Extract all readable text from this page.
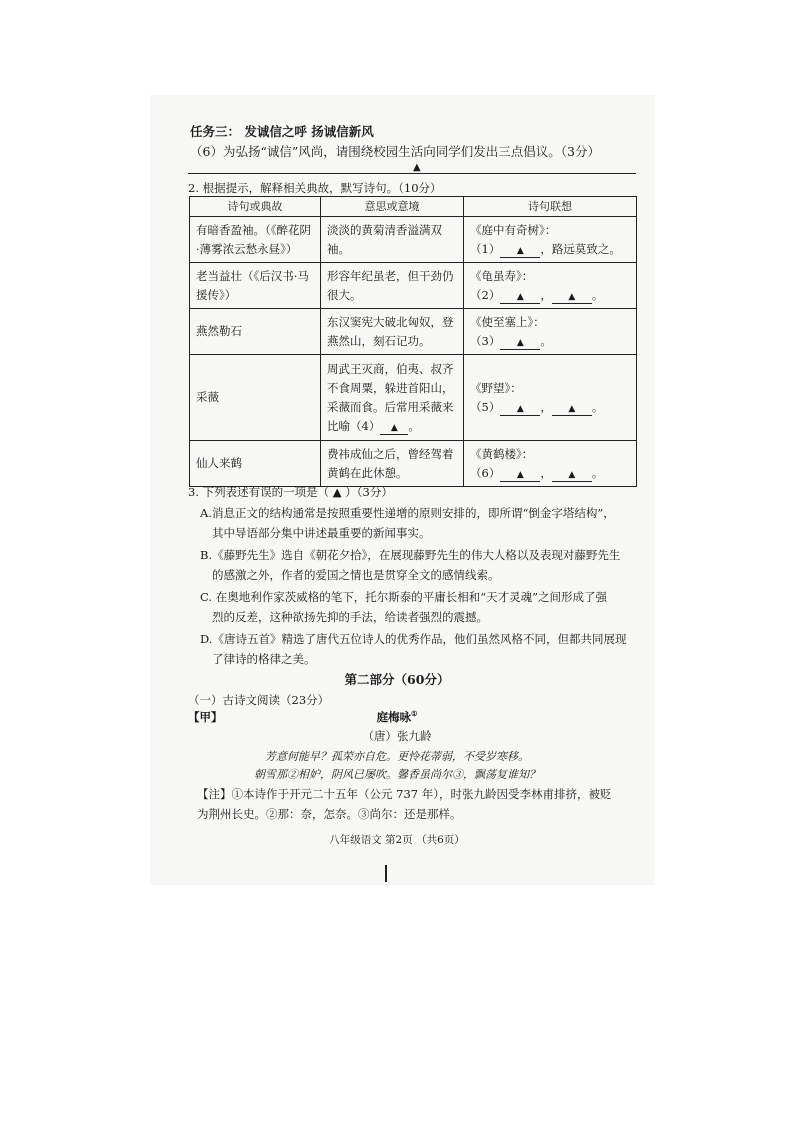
任务三： 发诚信之呼 扬诚信新风
（6）为弘扬“诚信”风尚，请围绕校园生活向同学们发出三点倡议。（3分）
▲
2. 根据提示，解释相关典故，默写诗句。（10分）
诗句或典故	意思或意境	诗句联想
有暗香盈袖。（《醉花阴·薄雾浓云愁永昼》）	淡淡的黄菊清香溢满双袖。	《庭中有奇树》：
（1） ▲ ，路远莫致之。

老当益壮（《后汉书·马援传》）	形容年纪虽老，但干劲仍很大。	《龟虽寿》：
（2） ▲ ， ▲ 。

燕然勒石	东汉窦宪大破北匈奴，登燕然山，刻石记功。	《使至塞上》：
（3） ▲ 。

采薇	周武王灭商，伯夷、叔齐不食周粟，躲进首阳山，采薇而食。后常用采薇来比喻（4） ▲ 。	《野望》：
（5） ▲ ， ▲ 。

仙人来鹤	费祎成仙之后，曾经驾着黄鹤在此休憩。	《黄鹤楼》：
（6） ▲ ， ▲ 。
3. 下列表述有误的一项是（ ▲ ）（3分）
A.消息正文的结构通常是按照重要性递增的原则安排的，即所谓“倒金字塔结构”，
其中导语部分集中讲述最重要的新闻事实。
B.《藤野先生》选自《朝花夕拾》，在展现藤野先生的伟大人格以及表现对藤野先生
的感激之外，作者的爱国之情也是贯穿全文的感情线索。
C. 在奥地利作家茨威格的笔下，托尔斯泰的平庸长相和“天才灵魂”之间形成了强
烈的反差，这种欲扬先抑的手法，给读者强烈的震撼。
D.《唐诗五首》精选了唐代五位诗人的优秀作品，他们虽然风格不同，但都共同展现
了律诗的格律之美。
第二部分（60分）
（一）古诗文阅读（23分）
【甲】	庭梅咏①
（唐）张九龄
芳意何能早？孤荣亦自危。更怜花蒂弱，不受岁寒移。
朝雪那②相妒，阴风已屡吹。馨香虽尚尔③，飘荡复谁知？
【注】①本诗作于开元二十五年（公元 737 年），时张九龄因受李林甫排挤，被贬
为荆州长史。②那：奈，怎奈。③尚尔：还是那样。
八年级语文 第2页 （共6页）
